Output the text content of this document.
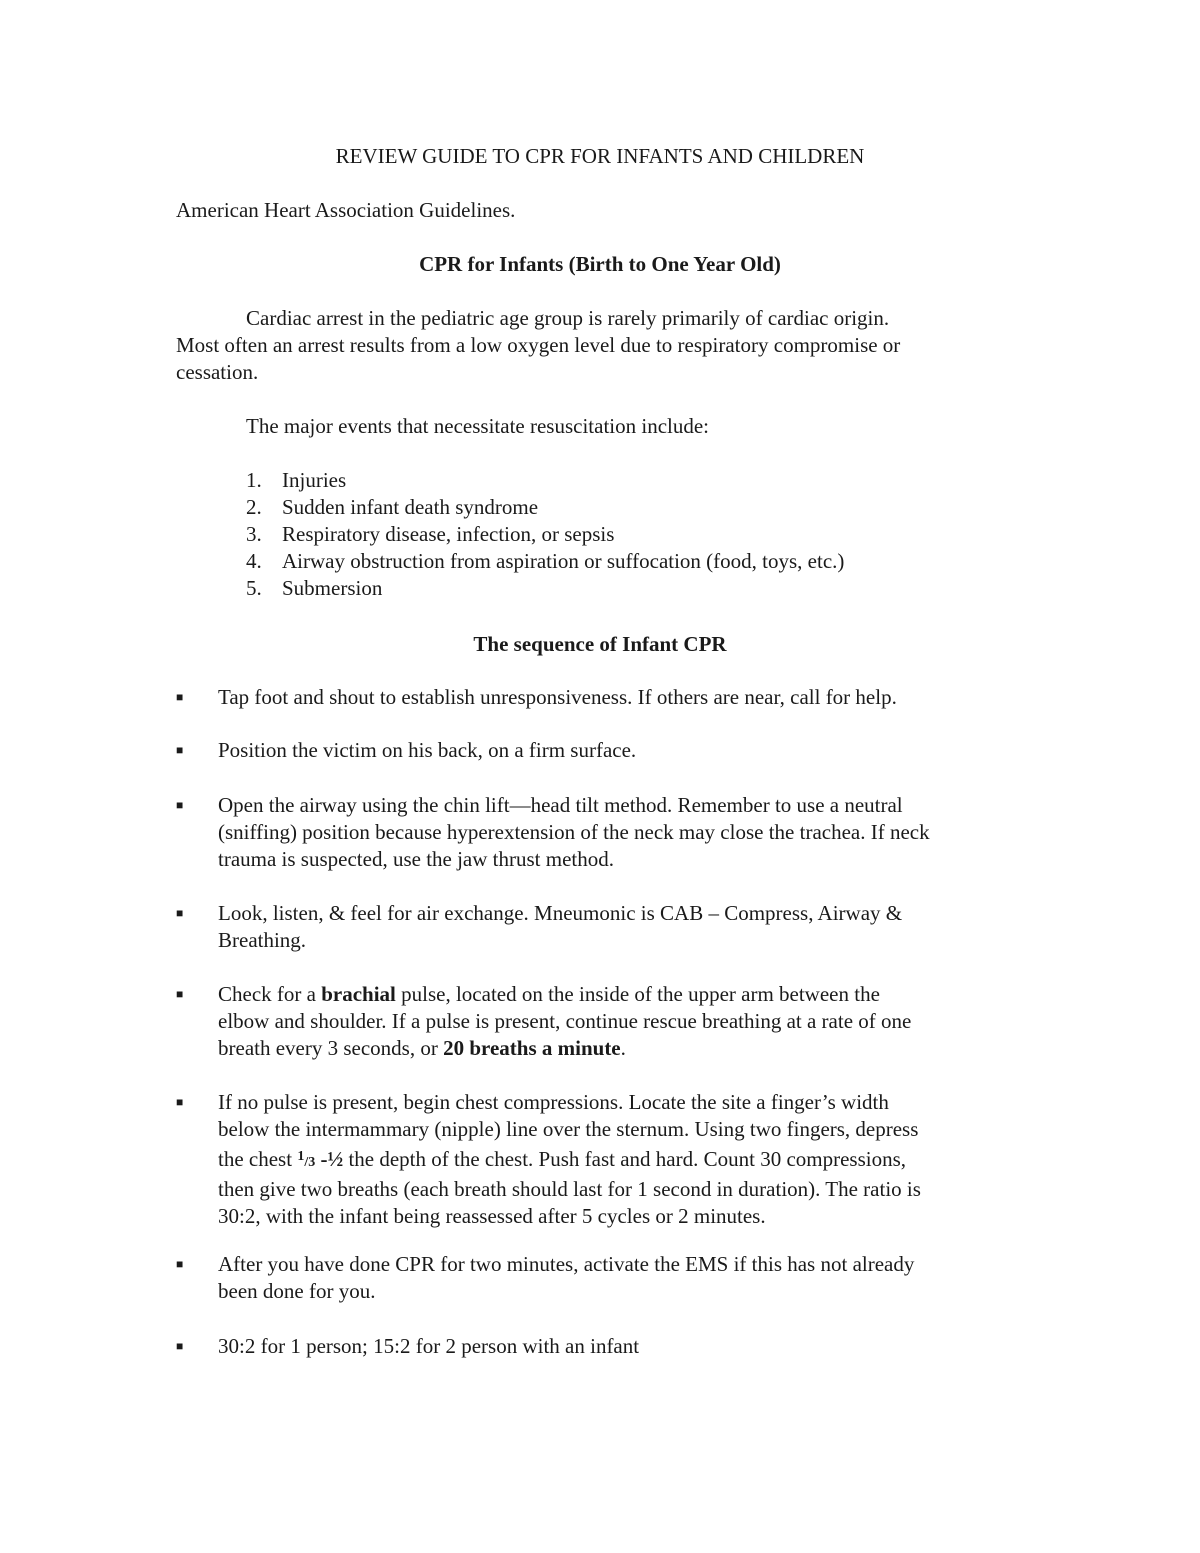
REVIEW GUIDE TO CPR FOR INFANTS AND CHILDREN
American Heart Association Guidelines.
CPR for Infants (Birth to One Year Old)
Cardiac arrest in the pediatric age group is rarely primarily of cardiac origin.
Most often an arrest results from a low oxygen level due to respiratory compromise or
cessation.
The major events that necessitate resuscitation include:
1. Injuries
2. Sudden infant death syndrome
3. Respiratory disease, infection, or sepsis
4. Airway obstruction from aspiration or suffocation (food, toys, etc.)
5. Submersion
The sequence of Infant CPR
■ Tap foot and shout to establish unresponsiveness. If others are near, call for help.
■ Position the victim on his back, on a firm surface.
■ Open the airway using the chin lift—head tilt method. Remember to use a neutral
(sniffing) position because hyperextension of the neck may close the trachea. If neck
trauma is suspected, use the jaw thrust method.
■ Look, listen, & feel for air exchange. Mneumonic is CAB – Compress, Airway &
Breathing.
■ Check for a brachial pulse, located on the inside of the upper arm between the
elbow and shoulder. If a pulse is present, continue rescue breathing at a rate of one
breath every 3 seconds, or 20 breaths a minute.
■ If no pulse is present, begin chest compressions. Locate the site a finger’s width
below the intermammary (nipple) line over the sternum. Using two fingers, depress
the chest $^1$/3 -½ the depth of the chest. Push fast and hard. Count 30 compressions,
then give two breaths (each breath should last for 1 second in duration). The ratio is
30:2, with the infant being reassessed after 5 cycles or 2 minutes.
■ After you have done CPR for two minutes, activate the EMS if this has not already
been done for you.
■ 30:2 for 1 person; 15:2 for 2 person with an infant
